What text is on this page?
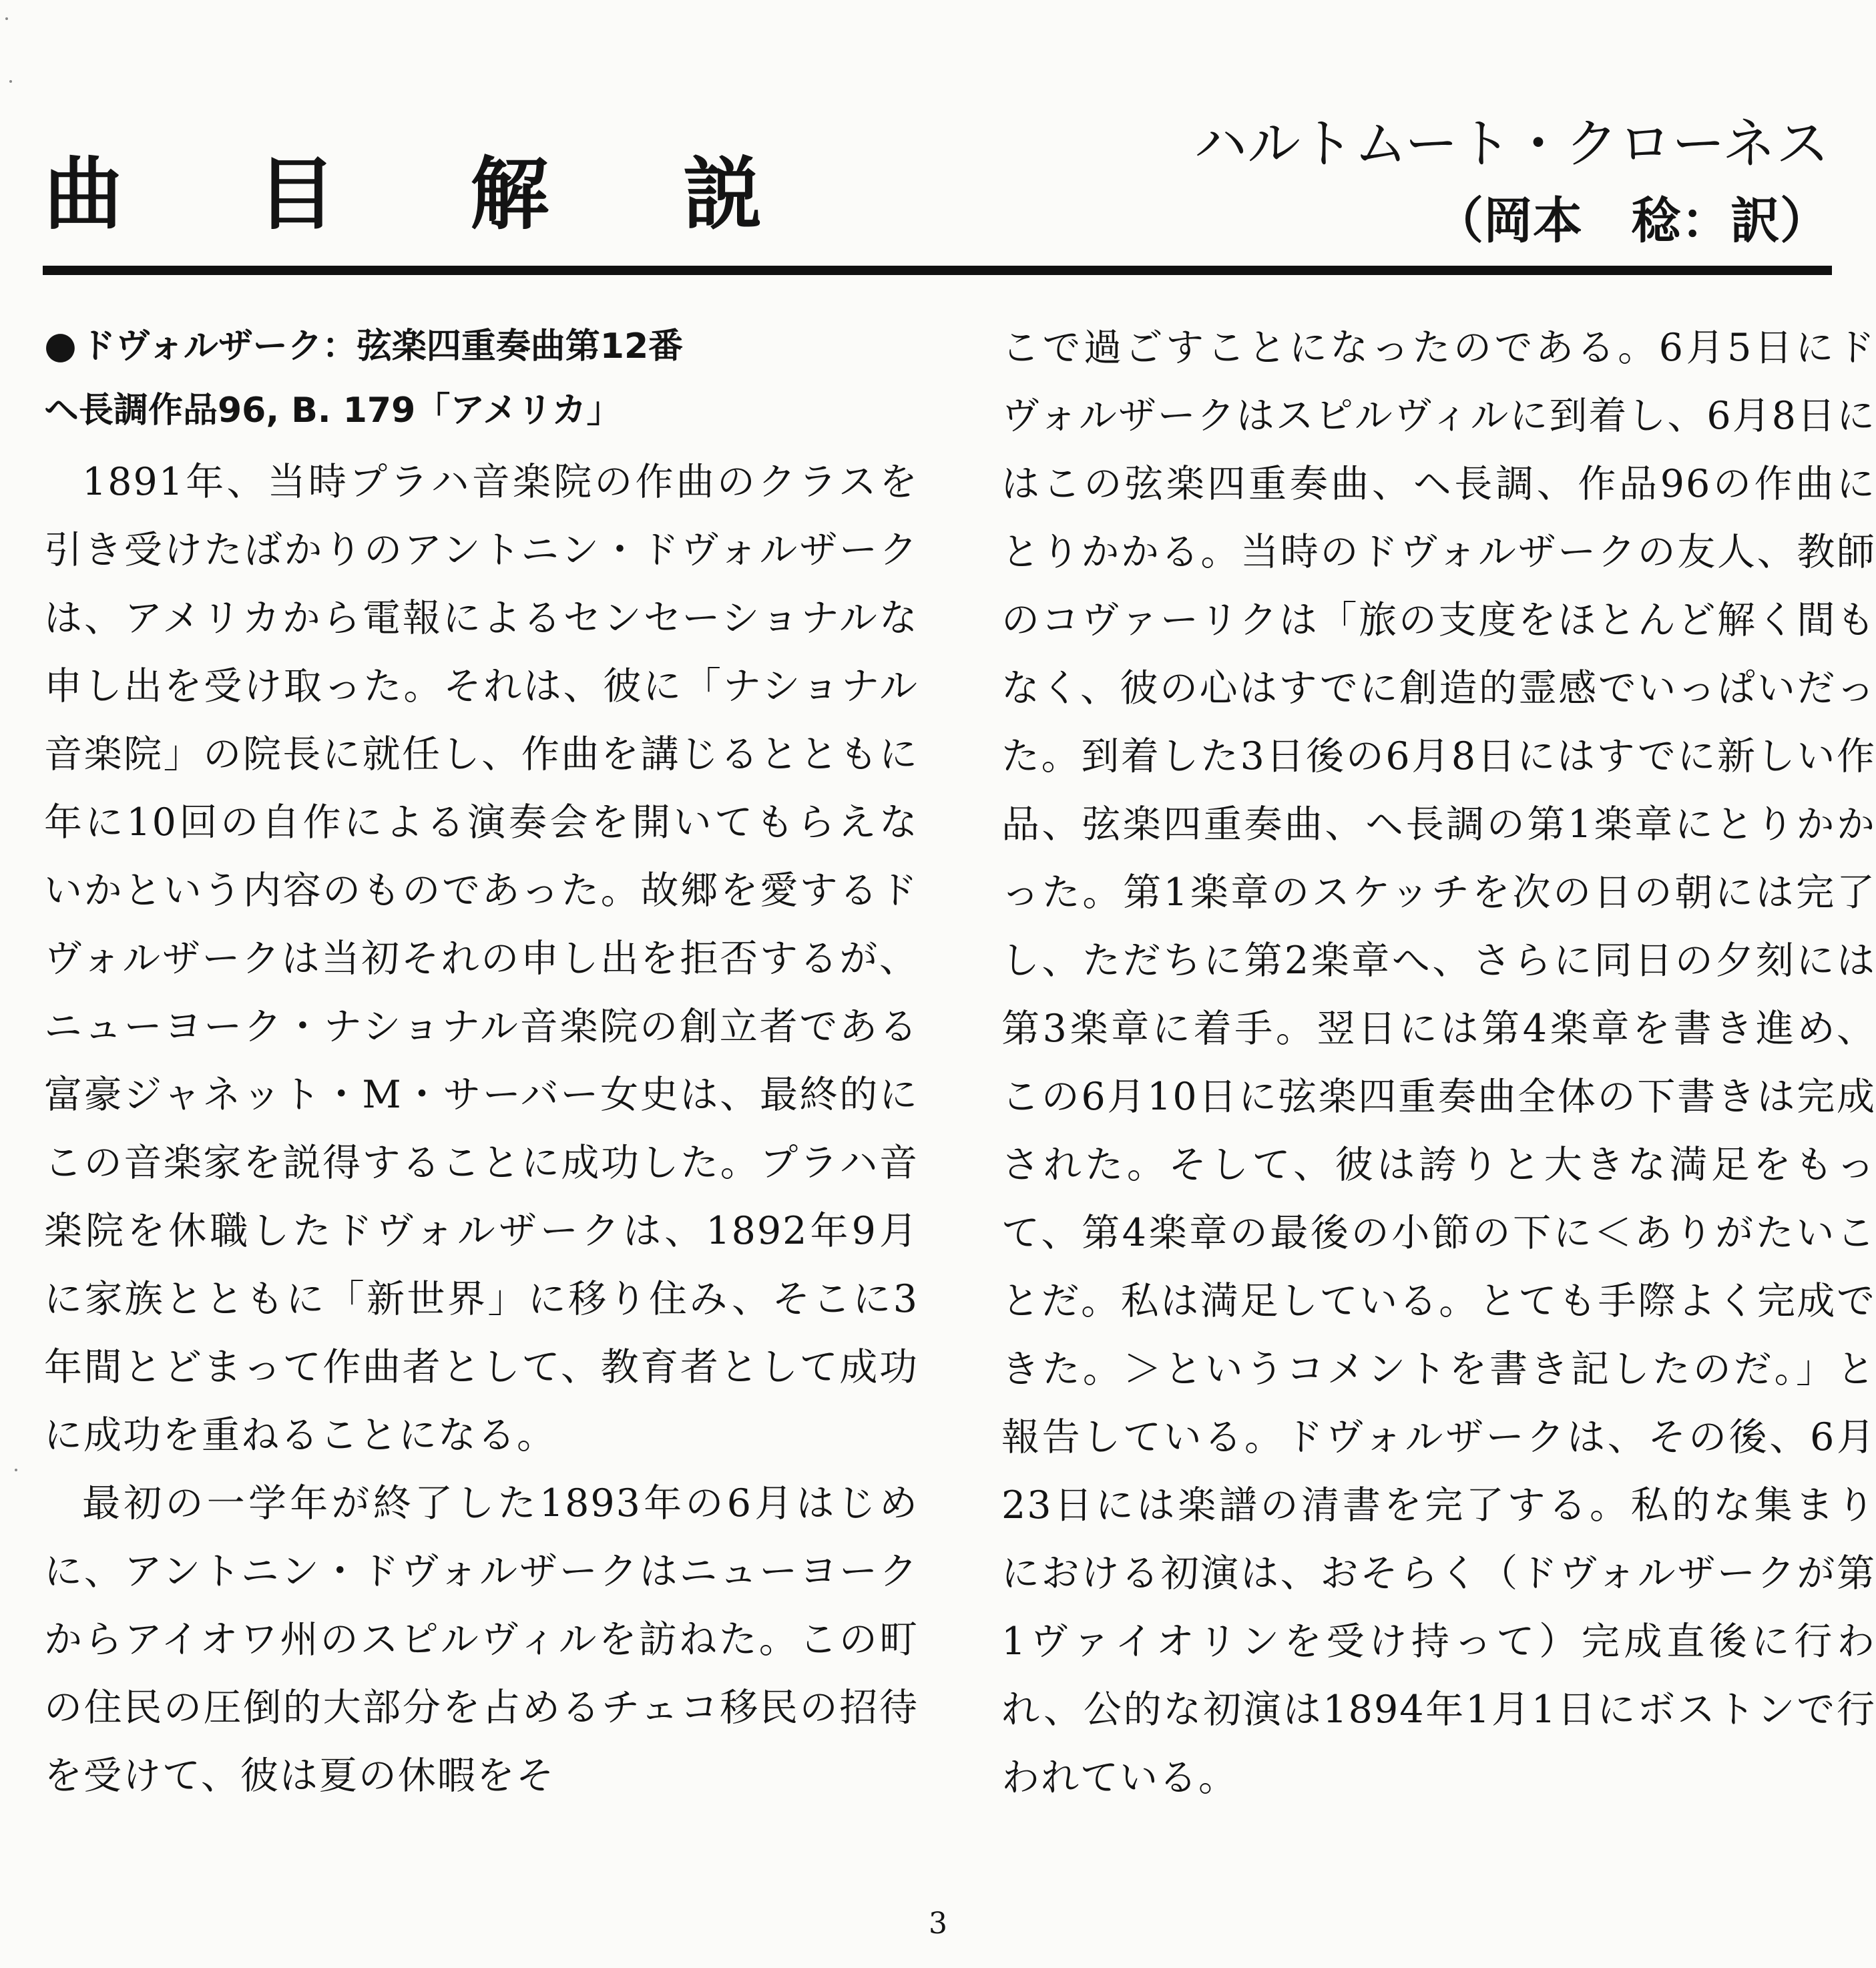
曲 目 解 説
ハルトムート・クローネス
（岡本　稔：訳）
● ドヴォルザーク：弦楽四重奏曲第12番
ヘ長調作品96, B. 179「アメリカ」

1891年、当時プラハ音楽院の作曲のクラスを引き受けたばかりのアントニン・ドヴォルザークは、アメリカから電報によるセンセーショナルな申し出を受け取った。それは、彼に「ナショナル音楽院」の院長に就任し、作曲を講じるとともに年に10回の自作による演奏会を開いてもらえないかという内容のものであった。故郷を愛するドヴォルザークは当初それの申し出を拒否するが、ニューヨーク・ナショナル音楽院の創立者である富豪ジャネット・M・サーバー女史は、最終的にこの音楽家を説得することに成功した。プラハ音楽院を休職したドヴォルザークは、1892年9月に家族とともに「新世界」に移り住み、そこに3年間とどまって作曲者として、教育者として成功に成功を重ねることになる。

最初の一学年が終了した1893年の6月はじめに、アントニン・ドヴォルザークはニューヨークからアイオワ州のスピルヴィルを訪ねた。この町の住民の圧倒的大部分を占めるチェコ移民の招待を受けて、彼は夏の休暇をそ

こで過ごすことになったのである。6月5日にドヴォルザークはスピルヴィルに到着し、6月8日にはこの弦楽四重奏曲、ヘ長調、作品96の作曲にとりかかる。当時のドヴォルザークの友人、教師のコヴァーリクは「旅の支度をほとんど解く間もなく、彼の心はすでに創造的霊感でいっぱいだった。到着した3日後の6月8日にはすでに新しい作品、弦楽四重奏曲、ヘ長調の第1楽章にとりかかった。第1楽章のスケッチを次の日の朝には完了し、ただちに第2楽章へ、さらに同日の夕刻には第3楽章に着手。翌日には第4楽章を書き進め、この6月10日に弦楽四重奏曲全体の下書きは完成された。そして、彼は誇りと大きな満足をもって、第4楽章の最後の小節の下に＜ありがたいことだ。私は満足している。とても手際よく完成できた。＞というコメントを書き記したのだ。」と報告している。ドヴォルザークは、その後、6月23日には楽譜の清書を完了する。私的な集まりにおける初演は、おそらく（ドヴォルザークが第1ヴァイオリンを受け持って）完成直後に行われ、公的な初演は1894年1月1日にボストンで行われている。

3
